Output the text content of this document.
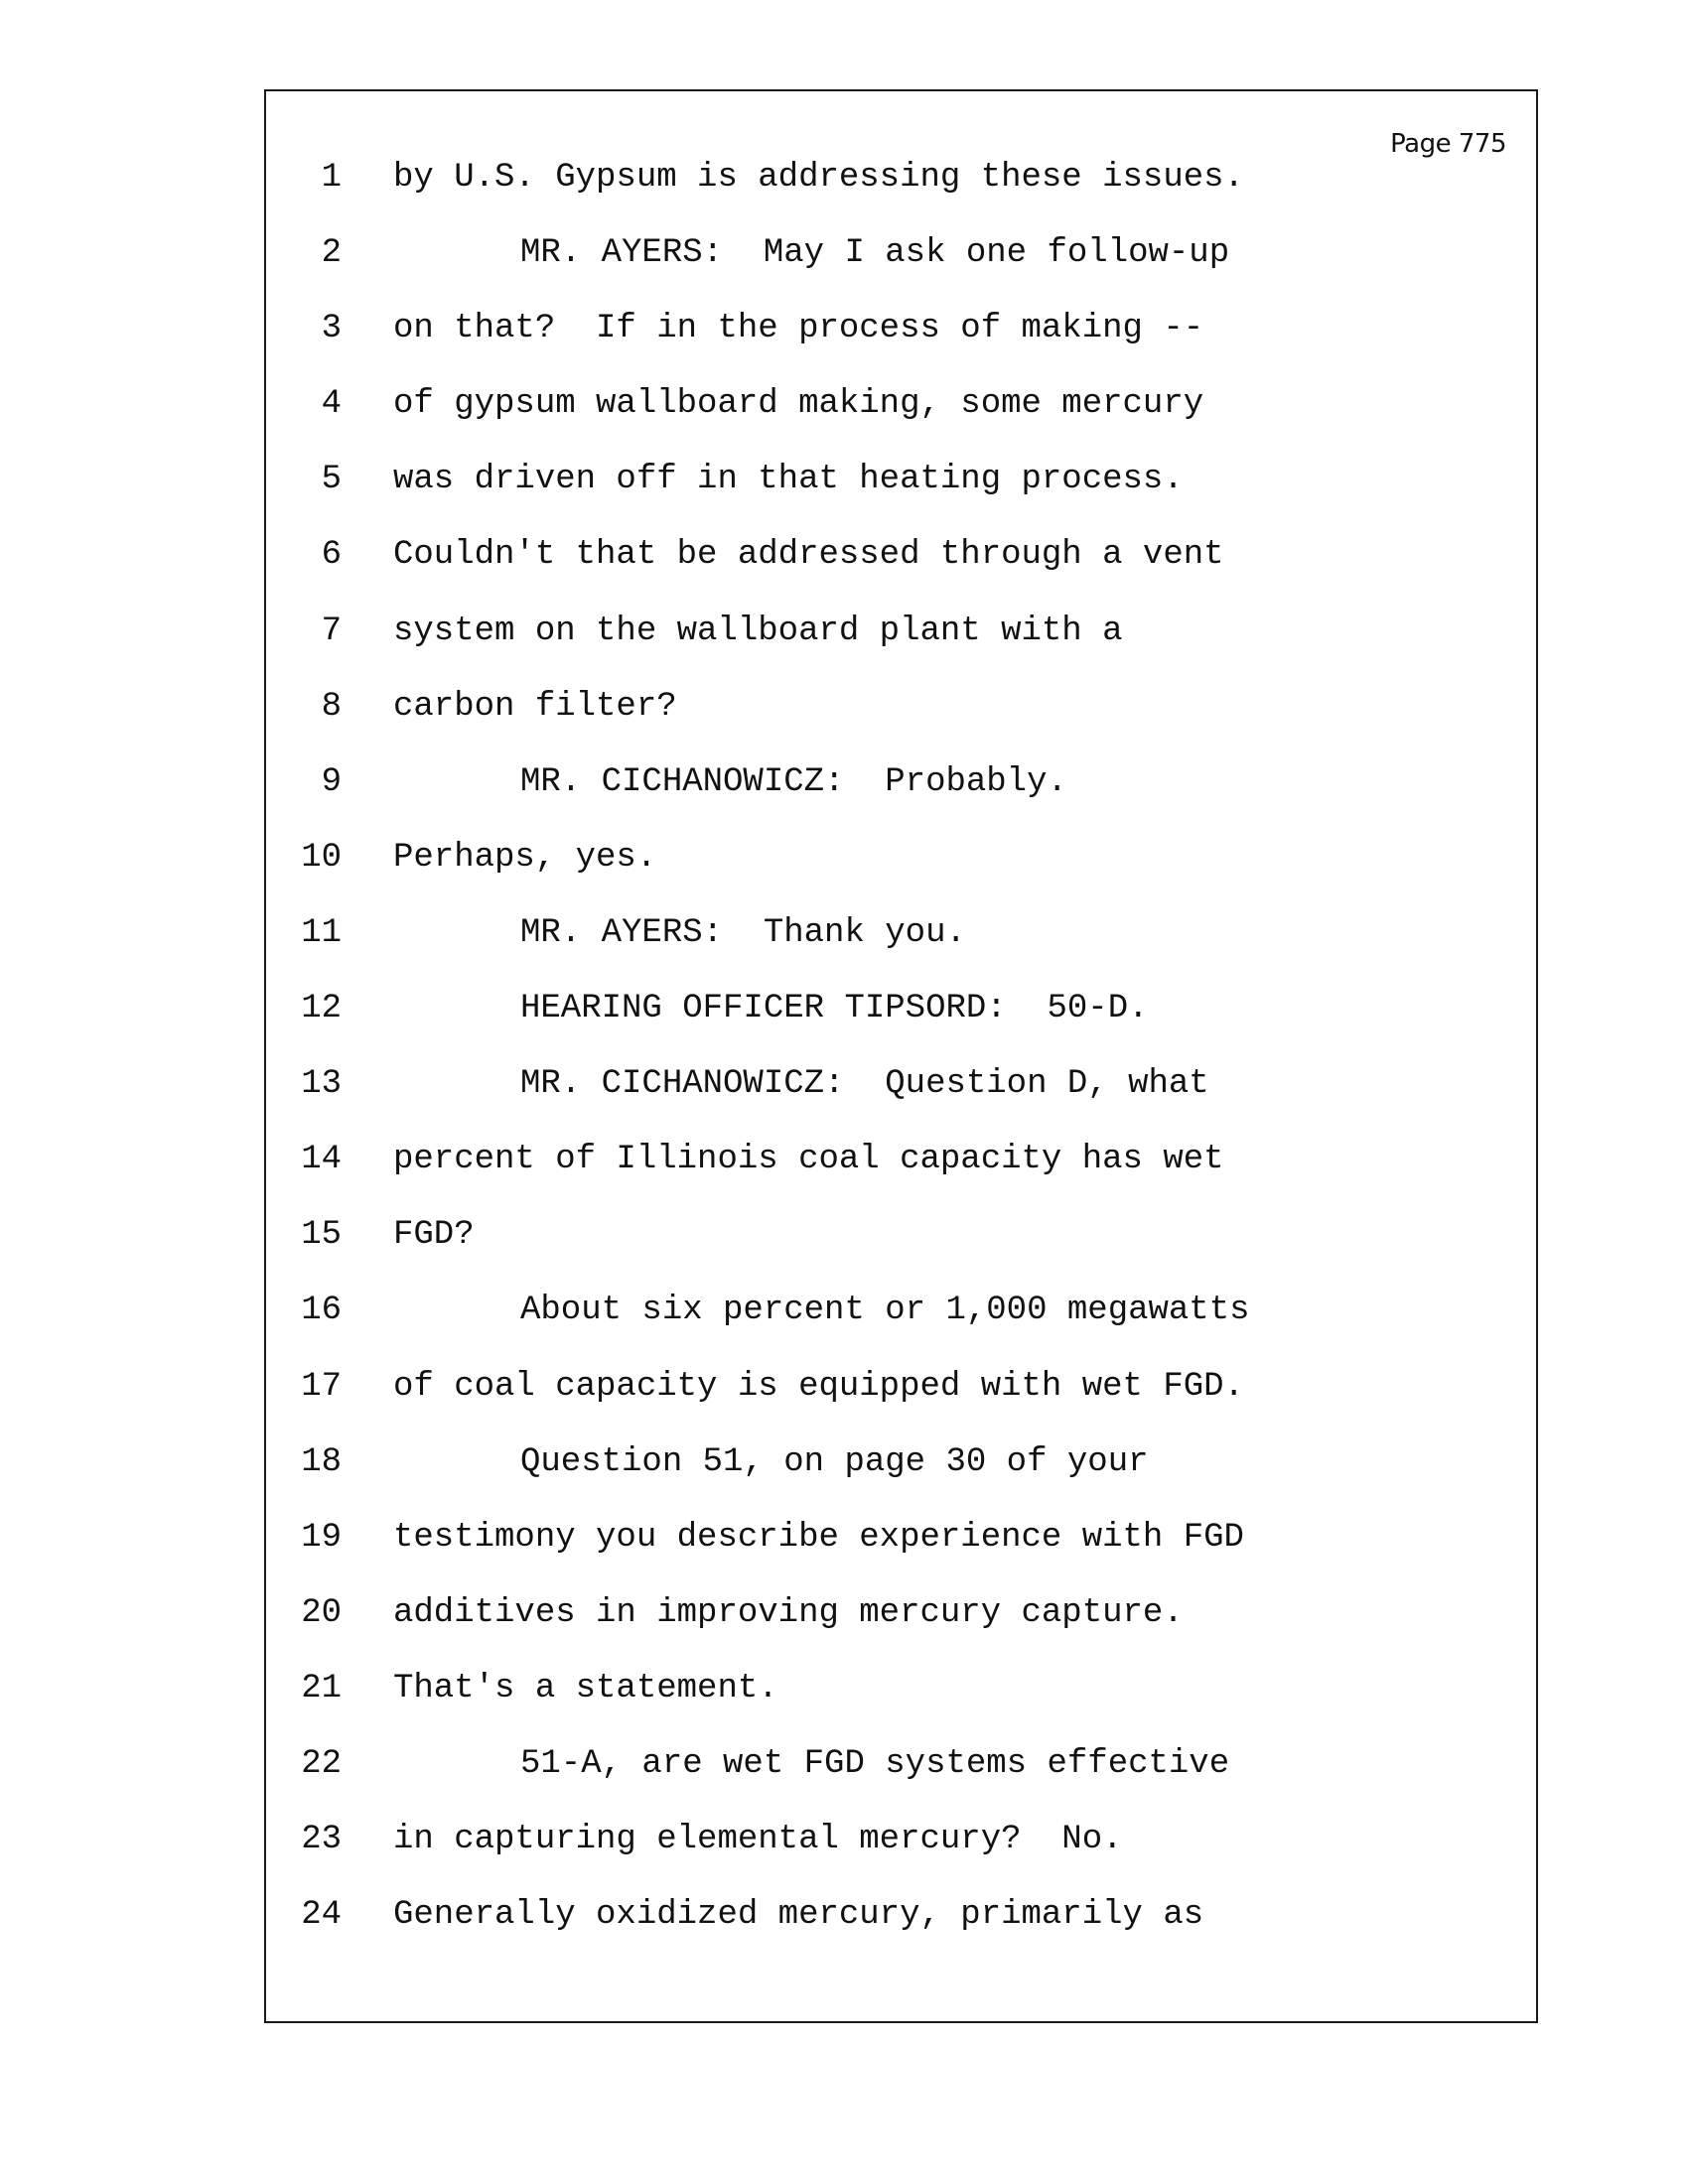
Page 775
1 by U.S. Gypsum is addressing these issues.
2	MR. AYERS:  May I ask one follow-up
3 on that?  If in the process of making --
4 of gypsum wallboard making, some mercury
5 was driven off in that heating process.
6 Couldn't that be addressed through a vent
7 system on the wallboard plant with a
8 carbon filter?
9	MR. CICHANOWICZ:  Probably.
10 Perhaps, yes.
11	MR. AYERS:  Thank you.
12	HEARING OFFICER TIPSORD:  50-D.
13	MR. CICHANOWICZ:  Question D, what
14 percent of Illinois coal capacity has wet
15 FGD?
16	About six percent or 1,000 megawatts
17 of coal capacity is equipped with wet FGD.
18	Question 51, on page 30 of your
19 testimony you describe experience with FGD
20 additives in improving mercury capture.
21 That's a statement.
22	51-A, are wet FGD systems effective
23 in capturing elemental mercury?  No.
24 Generally oxidized mercury, primarily as
